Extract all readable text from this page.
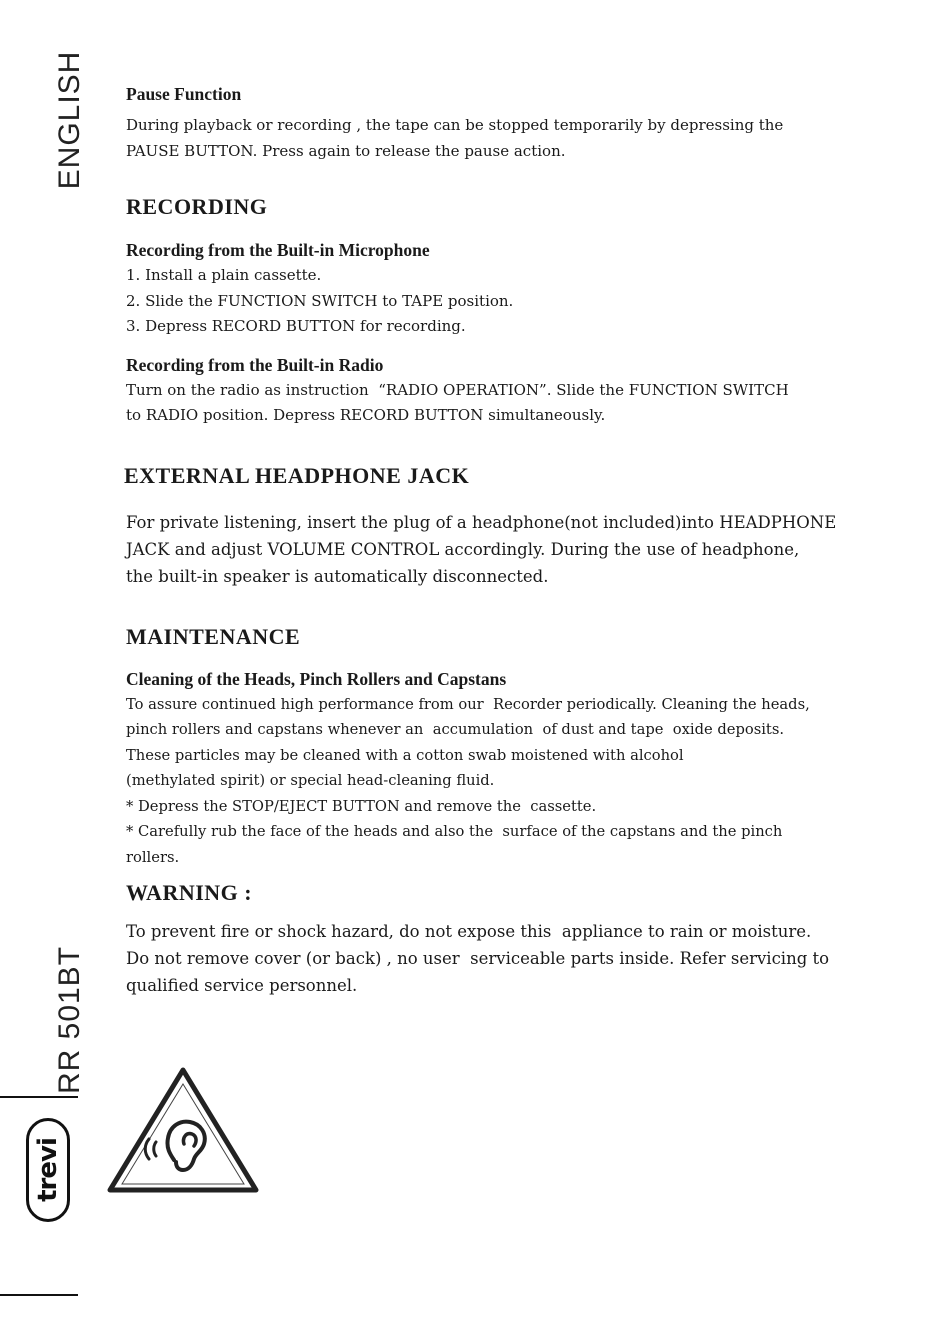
ENGLISH
RR 501BT
trevi
Pause Function

During playback or recording , the tape can be stopped temporarily by depressing the
PAUSE BUTTON. Press again to release the pause action.

RECORDING
Recording from the Built-in Microphone

1. Install a plain cassette.
2. Slide the FUNCTION SWITCH to TAPE position.
3. Depress RECORD BUTTON for recording.

Recording from the Built-in Radio

Turn on the radio as instruction  “RADIO OPERATION”. Slide the FUNCTION SWITCH
to RADIO position. Depress RECORD BUTTON simultaneously.

EXTERNAL HEADPHONE JACK

For private listening, insert the plug of a headphone(not included)into HEADPHONE
JACK and adjust VOLUME CONTROL accordingly. During the use of headphone,
the built-in speaker is automatically disconnected.

MAINTENANCE
Cleaning of the Heads, Pinch Rollers and Capstans

To assure continued high performance from our  Recorder periodically. Cleaning the heads,
pinch rollers and capstans whenever an  accumulation  of dust and tape  oxide deposits.
These particles may be cleaned with a cotton swab moistened with alcohol
(methylated spirit) or special head-cleaning fluid.
* Depress the STOP/EJECT BUTTON and remove the  cassette.
* Carefully rub the face of the heads and also the  surface of the capstans and the pinch
rollers.

WARNING :

To prevent fire or shock hazard, do not expose this  appliance to rain or moisture.
Do not remove cover (or back) , no user  serviceable parts inside. Refer servicing to
qualified service personnel.
